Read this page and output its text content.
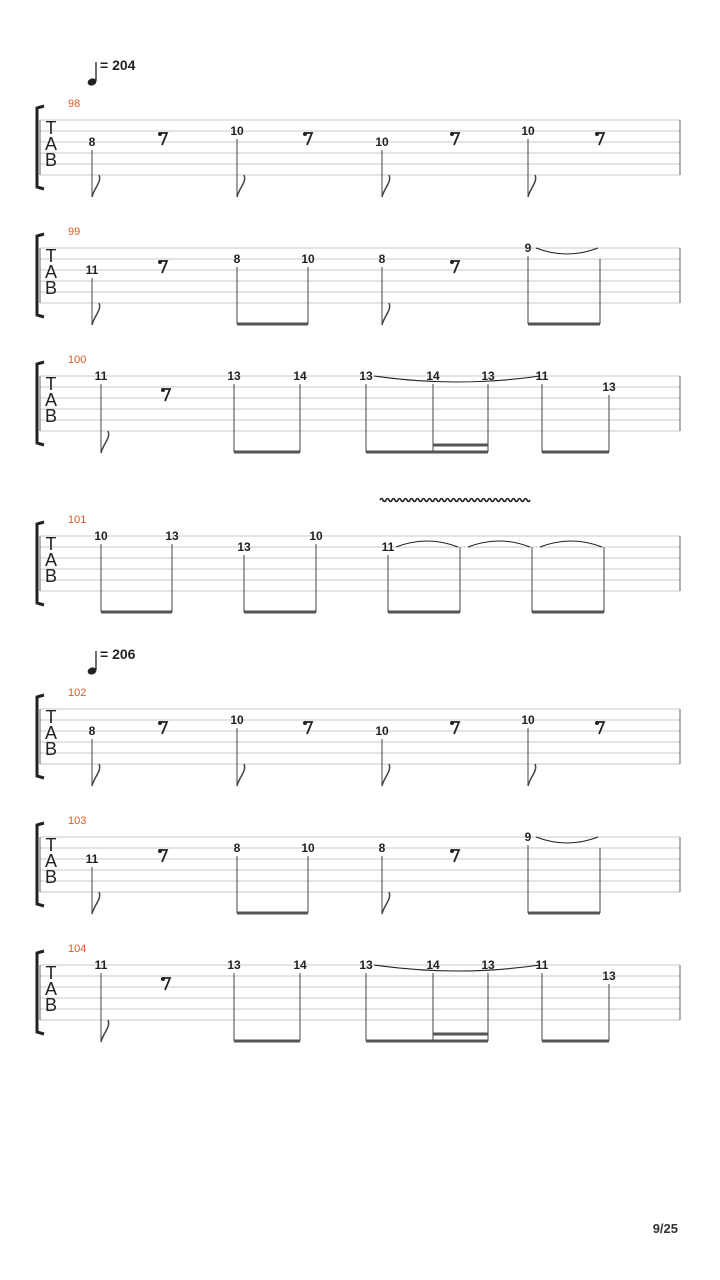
= 204
98
T
A
B
8
10
10
10
99
T
A
B
11
8	10	8
9
100
T
A
B
11	13	14	13	14	13	11
13
101
T
A
B
10	13
13
10
11
= 206
102
T
A
B
8
10
10
10
103
T
A
B
11
8	10	8
9
104
T
A
B
11	13	14	13	14	13	11
13
9/25
